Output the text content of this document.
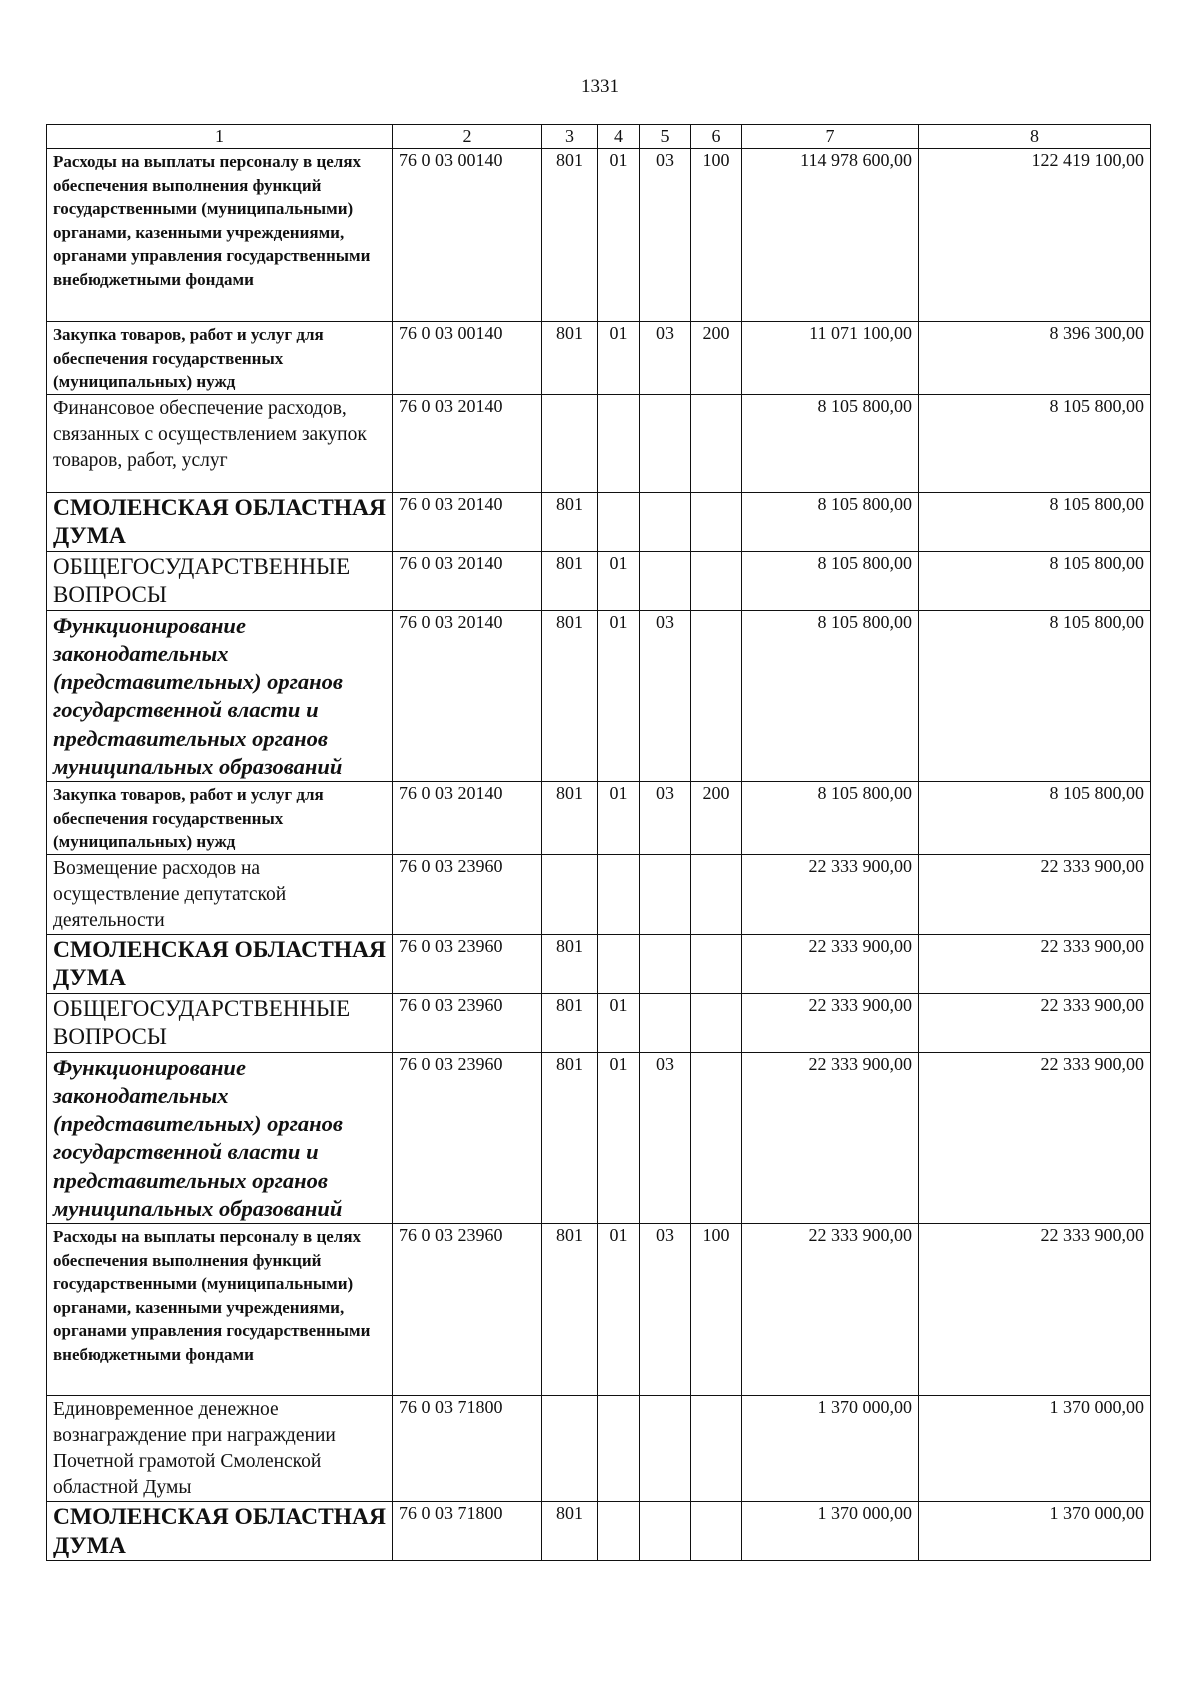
1331
1	2	3	4	5	6	7	8
Расходы на выплаты персоналу в целях обеспечения выполнения функций государственными (муниципальными) органами, казенными учреждениями, органами управления государственными внебюджетными фондами	76 0 03 00140	801	01	03	100	114 978 600,00	122 419 100,00
Закупка товаров, работ и услуг для обеспечения государственных (муниципальных) нужд	76 0 03 00140	801	01	03	200	11 071 100,00	8 396 300,00
Финансовое обеспечение расходов, связанных с осуществлением закупок товаров, работ, услуг	76 0 03 20140					8 105 800,00	8 105 800,00
СМОЛЕНСКАЯ ОБЛАСТНАЯ ДУМА	76 0 03 20140	801				8 105 800,00	8 105 800,00
ОБЩЕГОСУДАРСТВЕННЫЕ ВОПРОСЫ	76 0 03 20140	801	01			8 105 800,00	8 105 800,00
Функционирование законодательных (представительных) органов государственной власти и представительных органов муниципальных образований	76 0 03 20140	801	01	03		8 105 800,00	8 105 800,00
Закупка товаров, работ и услуг для обеспечения государственных (муниципальных) нужд	76 0 03 20140	801	01	03	200	8 105 800,00	8 105 800,00
Возмещение расходов на осуществление депутатской деятельности	76 0 03 23960					22 333 900,00	22 333 900,00
СМОЛЕНСКАЯ ОБЛАСТНАЯ ДУМА	76 0 03 23960	801				22 333 900,00	22 333 900,00
ОБЩЕГОСУДАРСТВЕННЫЕ ВОПРОСЫ	76 0 03 23960	801	01			22 333 900,00	22 333 900,00
Функционирование законодательных (представительных) органов государственной власти и представительных органов муниципальных образований	76 0 03 23960	801	01	03		22 333 900,00	22 333 900,00
Расходы на выплаты персоналу в целях обеспечения выполнения функций государственными (муниципальными) органами, казенными учреждениями, органами управления государственными внебюджетными фондами	76 0 03 23960	801	01	03	100	22 333 900,00	22 333 900,00
Единовременное денежное вознаграждение при награждении Почетной грамотой Смоленской областной Думы	76 0 03 71800					1 370 000,00	1 370 000,00
СМОЛЕНСКАЯ ОБЛАСТНАЯ ДУМА	76 0 03 71800	801				1 370 000,00	1 370 000,00
